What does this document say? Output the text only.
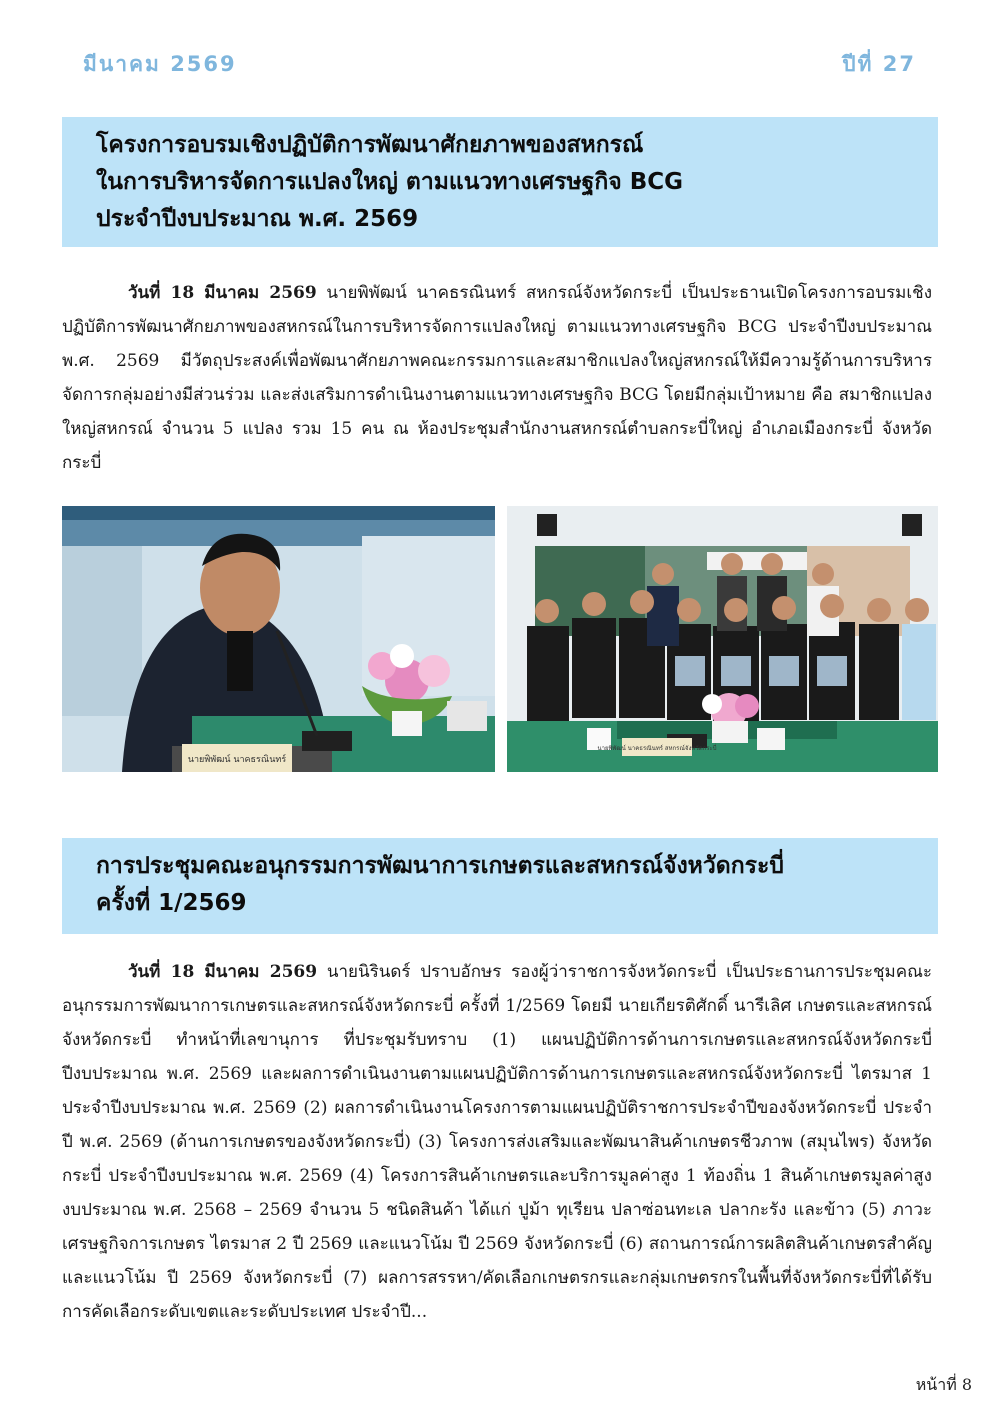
มีนาคม 2569	ปีที่ 27
โครงการอบรมเชิงปฏิบัติการพัฒนาศักยภาพของสหกรณ์
ในการบริหารจัดการแปลงใหญ่ ตามแนวทางเศรษฐกิจ BCG
ประจำปีงบประมาณ พ.ศ. 2569
วันที่ 18 มีนาคม 2569 นายพิพัฒน์ นาคธรณินทร์ สหกรณ์จังหวัดกระบี่ เป็นประธานเปิดโครงการอบรมเชิงปฏิบัติการพัฒนาศักยภาพของสหกรณ์ในการบริหารจัดการแปลงใหญ่ ตามแนวทางเศรษฐกิจ BCG ประจำปีงบประมาณ พ.ศ. 2569 มีวัตถุประสงค์เพื่อพัฒนาศักยภาพคณะกรรมการและสมาชิกแปลงใหญ่สหกรณ์ให้มีความรู้ด้านการบริหารจัดการกลุ่มอย่างมีส่วนร่วม และส่งเสริมการดำเนินงานตามแนวทางเศรษฐกิจ BCG โดยมีกลุ่มเป้าหมาย คือ สมาชิกแปลงใหญ่สหกรณ์ จำนวน 5 แปลง รวม 15 คน ณ ห้องประชุมสำนักงานสหกรณ์ตำบลกระบี่ใหญ่ อำเภอเมืองกระบี่ จังหวัดกระบี่
นายพิพัฒน์ นาคธรณินทร์
นายพิพัฒน์ นาคธรณินทร์ สหกรณ์จังหวัดกระบี่
การประชุมคณะอนุกรรมการพัฒนาการเกษตรและสหกรณ์จังหวัดกระบี่
ครั้งที่ 1/2569
วันที่ 18 มีนาคม 2569 นายนิรินดร์ ปราบอักษร รองผู้ว่าราชการจังหวัดกระบี่ เป็นประธานการประชุมคณะอนุกรรมการพัฒนาการเกษตรและสหกรณ์จังหวัดกระบี่ ครั้งที่ 1/2569 โดยมี นายเกียรติศักดิ์ นารีเลิศ เกษตรและสหกรณ์จังหวัดกระบี่ ทำหน้าที่เลขานุการ ที่ประชุมรับทราบ (1) แผนปฏิบัติการด้านการเกษตรและสหกรณ์จังหวัดกระบี่ ปีงบประมาณ พ.ศ. 2569 และผลการดำเนินงานตามแผนปฏิบัติการด้านการเกษตรและสหกรณ์จังหวัดกระบี่ ไตรมาส 1 ประจำปีงบประมาณ พ.ศ. 2569 (2) ผลการดำเนินงานโครงการตามแผนปฏิบัติราชการประจำปีของจังหวัดกระบี่ ประจำปี พ.ศ. 2569 (ด้านการเกษตรของจังหวัดกระบี่) (3) โครงการส่งเสริมและพัฒนาสินค้าเกษตรชีวภาพ (สมุนไพร) จังหวัดกระบี่ ประจำปีงบประมาณ พ.ศ. 2569 (4) โครงการสินค้าเกษตรและบริการมูลค่าสูง 1 ท้องถิ่น 1 สินค้าเกษตรมูลค่าสูง งบประมาณ พ.ศ. 2568 – 2569 จำนวน 5 ชนิดสินค้า ได้แก่ ปูม้า ทุเรียน ปลาซ่อนทะเล ปลากะรัง และข้าว (5) ภาวะเศรษฐกิจการเกษตร ไตรมาส 2 ปี 2569 และแนวโน้ม ปี 2569 จังหวัดกระบี่ (6) สถานการณ์การผลิตสินค้าเกษตรสำคัญและแนวโน้ม ปี 2569 จังหวัดกระบี่ (7) ผลการสรรหา/คัดเลือกเกษตรกรและกลุ่มเกษตรกรในพื้นที่จังหวัดกระบี่ที่ได้รับการคัดเลือกระดับเขตและระดับประเทศ ประจำปี...
หน้าที่ 8
